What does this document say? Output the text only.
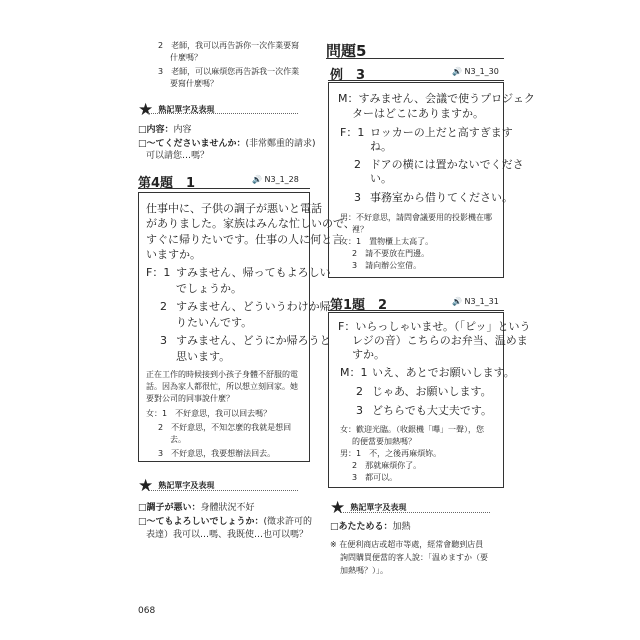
2　老師，我可以再告訴你一次作業要寫
什麼嗎？
3　老師，可以麻煩您再告訴我一次作業
要寫什麼嗎？
★ 熟記單字及表現
□内容：内容
□〜てくださいませんか：(非常鄭重的請求)
可以請您…嗎？
第4題　1	🔊 N3_1_28
仕事中に、子供の調子が悪いと電話
がありました。家族はみんな忙しいので、
すぐに帰りたいです。仕事の人に何と言
いますか。
F：1 すみません、帰ってもよろしい
でしょうか。
2 すみません、どういうわけか帰
りたいんです。
3 すみません、どうにか帰ろうと
思います。
正在工作的時候接到小孩子身體不舒服的電
話。因為家人都很忙，所以想立刻回家。她
要對公司的同事說什麼？
女：1　不好意思，我可以回去嗎？
2　不好意思，不知怎麼的我就是想回
去。
3　不好意思，我要想辦法回去。
★ 熟記單字及表現
□調子が悪い：身體狀況不好
□〜てもよろしいでしょうか：(徵求許可的
表達）我可以…嗎、我既使…也可以嗎？
068
問題5
例　3	🔊 N3_1_30
M：すみません、会議で使うプロジェク
ターはどこにありますか。
F：1 ロッカーの上だと高すぎます
ね。
2 ドアの横には置かないでくださ
い。
3 事務室から借りてください。
男：不好意思，請問會議要用的投影機在哪
裡？
女：1　置物櫃上太高了。
2　請不要放在門邊。
3　請向辦公室借。
第1題　2	🔊 N3_1_31
F：いらっしゃいませ。（「ピッ」という
レジの音）こちらのお弁当、温めま
すか。
M：1 いえ、あとでお願いします。
2 じゃあ、お願いします。
3 どちらでも大丈夫です。
女：歡迎光臨。（收銀機「嗶」一聲），您
的便當要加熱嗎？
男：1　不，之後再麻煩妳。
2　那就麻煩你了。
3　都可以。
★ 熟記單字及表現
□あたためる：加熱
※ 在便利商店或超市等處，經常會聽到店員
詢問購買便當的客人說：「温めますか（要
加熱嗎？）」。
